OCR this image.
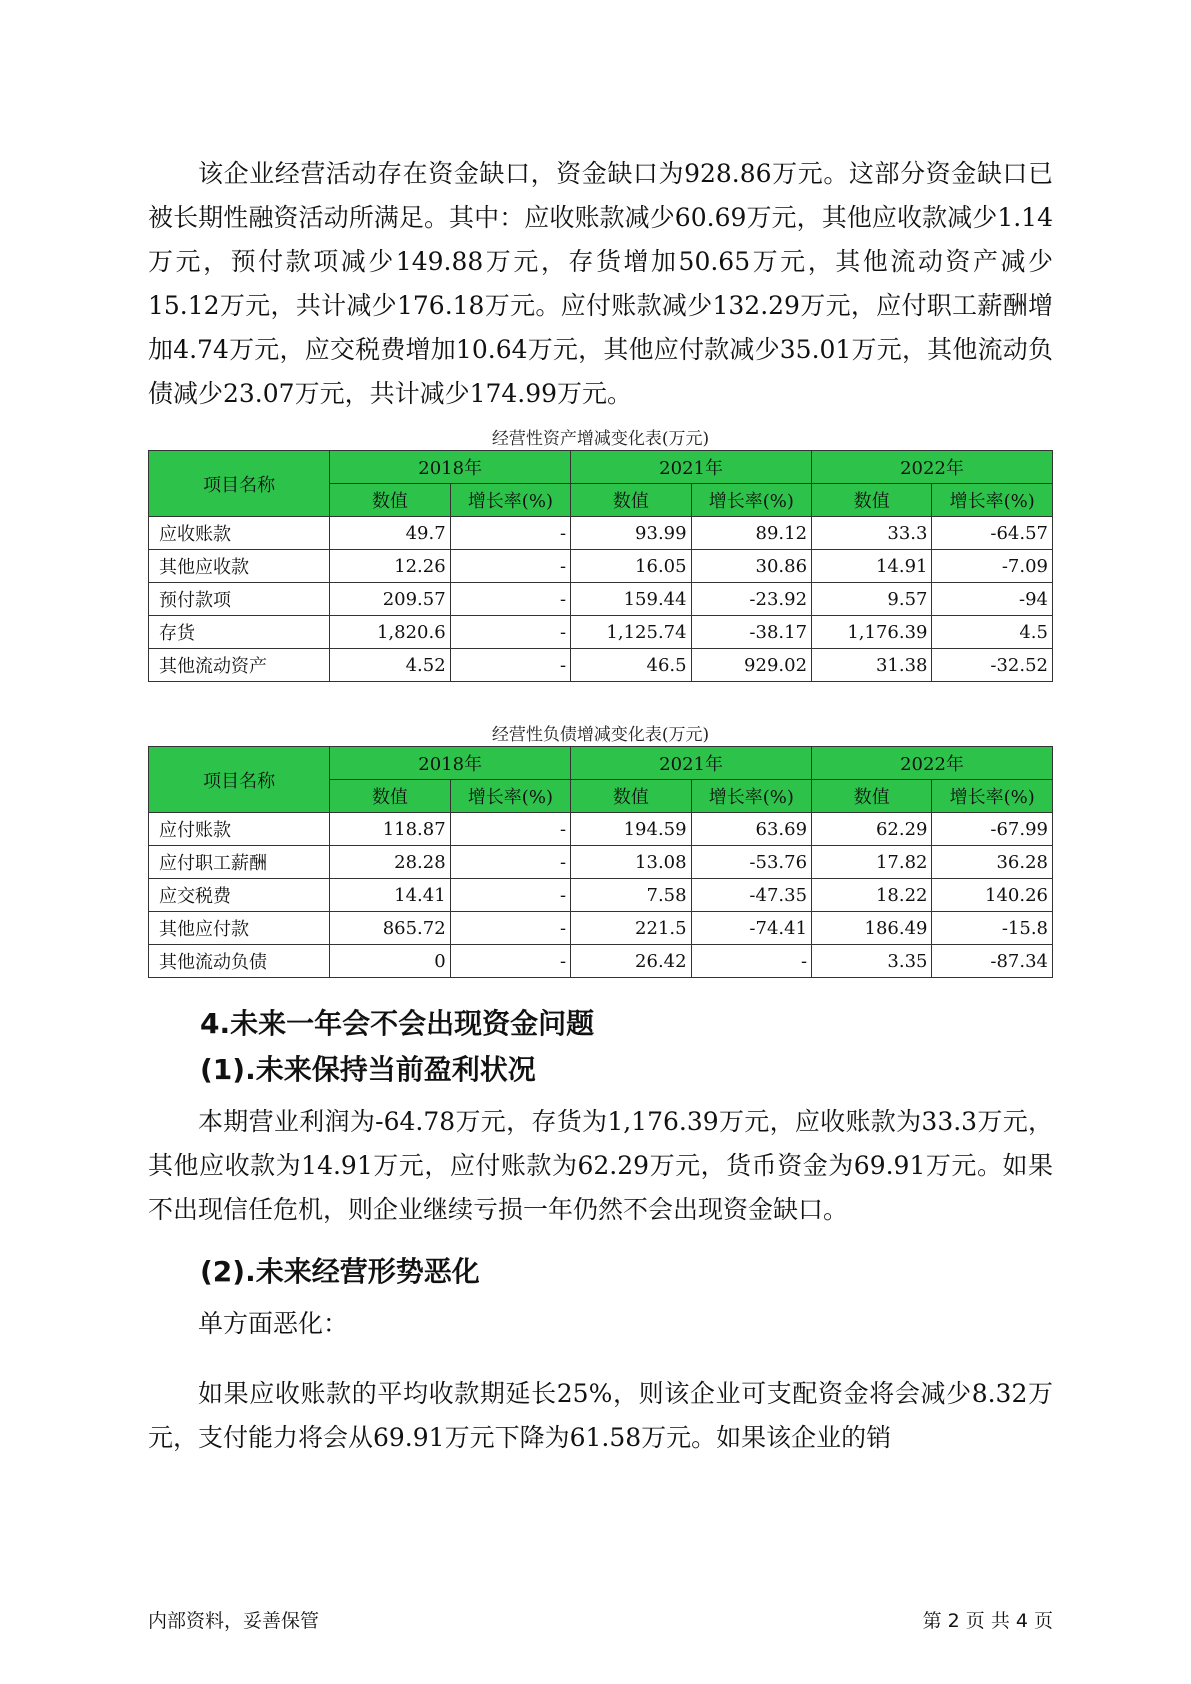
该企业经营活动存在资金缺口，资金缺口为928.86万元。这部分资金缺口已被长期性融资活动所满足。其中：应收账款减少60.69万元，其他应收款减少1.14万元，预付款项减少149.88万元，存货增加50.65万元，其他流动资产减少15.12万元，共计减少176.18万元。应付账款减少132.29万元，应付职工薪酬增加4.74万元，应交税费增加10.64万元，其他应付款减少35.01万元，其他流动负债减少23.07万元，共计减少174.99万元。

经营性资产增减变化表(万元)
项目名称	2018年		2021年		2022年	
	数值	增长率(%)	数值	增长率(%)	数值	增长率(%)
应收账款	49.7	-	93.99	89.12	33.3	-64.57
其他应收款	12.26	-	16.05	30.86	14.91	-7.09
预付款项	209.57	-	159.44	-23.92	9.57	-94
存货	1,820.6	-	1,125.74	-38.17	1,176.39	4.5
其他流动资产	4.52	-	46.5	929.02	31.38	-32.52
经营性负债增减变化表(万元)
项目名称	2018年		2021年		2022年	
	数值	增长率(%)	数值	增长率(%)	数值	增长率(%)
应付账款	118.87	-	194.59	63.69	62.29	-67.99
应付职工薪酬	28.28	-	13.08	-53.76	17.82	36.28
应交税费	14.41	-	7.58	-47.35	18.22	140.26
其他应付款	865.72	-	221.5	-74.41	186.49	-15.8
其他流动负债	0	-	26.42	-	3.35	-87.34
4.未来一年会不会出现资金问题
(1).未来保持当前盈利状况

本期营业利润为-64.78万元，存货为1,176.39万元，应收账款为33.3万元，其他应收款为14.91万元，应付账款为62.29万元，货币资金为69.91万元。如果不出现信任危机，则企业继续亏损一年仍然不会出现资金缺口。

(2).未来经营形势恶化

单方面恶化：

如果应收账款的平均收款期延长25%，则该企业可支配资金将会减少8.32万元，支付能力将会从69.91万元下降为61.58万元。如果该企业的销

内部资料，妥善保管	第 2 页 共 4 页
